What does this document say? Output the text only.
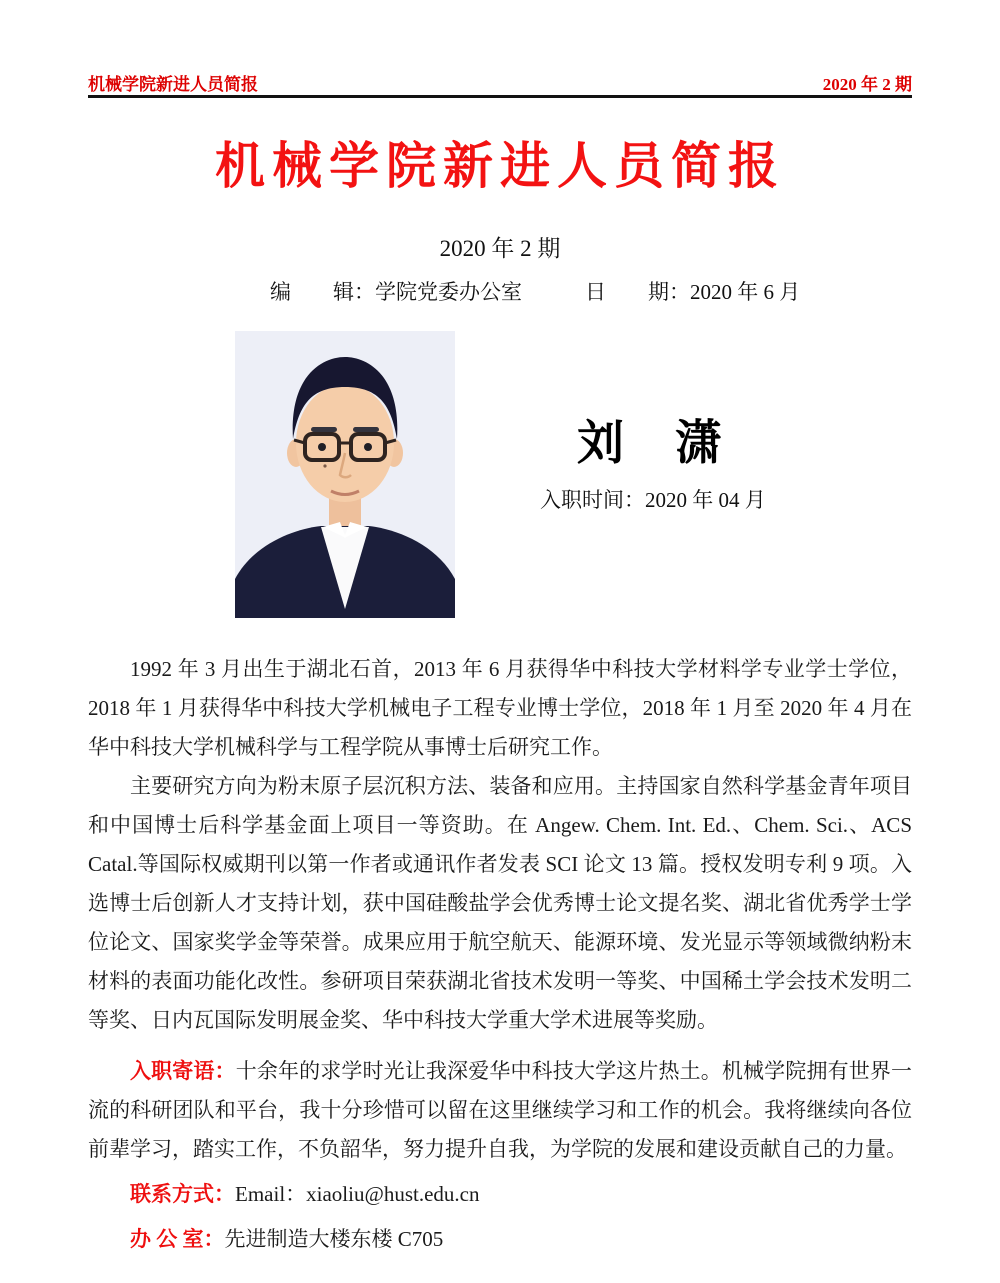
机械学院新进人员简报	2020 年 2 期
机械学院新进人员简报
2020 年 2 期
编　　辑：学院党委办公室	日　　期：2020 年 6 月
刘　潇
入职时间：2020 年 04 月

1992 年 3 月出生于湖北石首，2013 年 6 月获得华中科技大学材料学专业学士学位，2018 年 1 月获得华中科技大学机械电子工程专业博士学位，2018 年 1 月至 2020 年 4 月在华中科技大学机械科学与工程学院从事博士后研究工作。

主要研究方向为粉末原子层沉积方法、装备和应用。主持国家自然科学基金青年项目和中国博士后科学基金面上项目一等资助。在 Angew. Chem. Int. Ed.、Chem. Sci.、ACS Catal.等国际权威期刊以第一作者或通讯作者发表 SCI 论文 13 篇。授权发明专利 9 项。入选博士后创新人才支持计划，获中国硅酸盐学会优秀博士论文提名奖、湖北省优秀学士学位论文、国家奖学金等荣誉。成果应用于航空航天、能源环境、发光显示等领域微纳粉末材料的表面功能化改性。参研项目荣获湖北省技术发明一等奖、中国稀土学会技术发明二等奖、日内瓦国际发明展金奖、华中科技大学重大学术进展等奖励。

入职寄语：十余年的求学时光让我深爱华中科技大学这片热土。机械学院拥有世界一流的科研团队和平台，我十分珍惜可以留在这里继续学习和工作的机会。我将继续向各位前辈学习，踏实工作，不负韶华，努力提升自我，为学院的发展和建设贡献自己的力量。

联系方式：Email：xiaoliu@hust.edu.cn

办 公 室：先进制造大楼东楼 C705
